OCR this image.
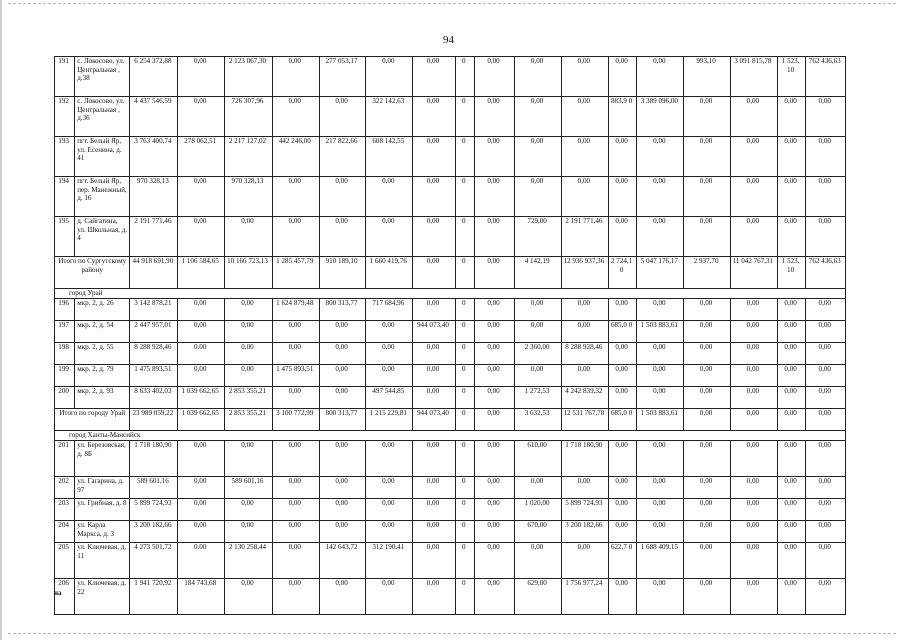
94
191	с. Локосово, ул. Центральная , д.38	6 254 372,88	0,00	2 123 067,30	0,00	277 053,17	0,00	0,00	0	0,00	0,00	0,00	0,00	0,00	993,10	3 091 815,78	1 523, 10	762 436,63
192	с. Локосово, ул. Центральная , д.36	4 437 546,59	0,00	726 307,96	0,00	0,00	322 142,63	0,00	0	0,00	0,00	0,00	883,9 0	3 389 096,00	0,00	0,00	0,00	0,00
193	пгт. Белый Яр, ул. Есенина, д. 41	3 763 400,74	278 062,51	2 217 127,02	442 246,00	217 822,66	608 142,55	0,00	0	0,00	0,00	0,00	0,00	0,00	0,00	0,00	0,00	0,00
194	пгт. Белый Яр, пер. Манежный, д. 16	970 328,13	0,00	970 328,13	0,00	0,00	0,00	0,00	0	0,00	0,00	0,00	0,00	0,00	0,00	0,00	0,00	0,00
195	д. Сайгатина, ул. Школьная, д. 4	2 191 771,46	0,00	0,00	0,00	0,00	0,00	0,00	0	0,00	729,00	2 191 771,46	0,00	0,00	0,00	0,00	0,00	0,00
Итого по Сургутскому району		44 918 691,90	1 106 584,65	10 166 723,13	1 285 457,79	910 189,10	1 660 419,76	0,00	0	0,00	4 142,19	12 936 937,36	2 724,1 0	5 047 176,17	2 937,70	11 042 767,31	1 523, 10	762 436,63
город Урай																		
196	мкр. 2, д. 26	3 142 878,21	0,00	0,00	1 624 879,48	800 313,77	717 684,96	0,00	0	0,00	0,00	0,00	0,00	0,00	0,00	0,00	0,00	0,00
197	мкр. 2, д. 54	2 447 957,01	0,00	0,00	0,00	0,00	0,00	944 073,40	0	0,00	0,00	0,00	685,0 0	1 503 883,61	0,00	0,00	0,00	0,00
198	мкр. 2, д. 55	8 288 928,46	0,00	0,00	0,00	0,00	0,00	0,00	0	0,00	2 360,00	8 288 928,46	0,00	0,00	0,00	0,00	0,00	0,00
199	мкр. 2, д. 79	1 475 893,51	0,00	0,00	1 475 893,51	0,00	0,00	0,00	0	0,00	0,00	0,00	0,00	0,00	0,00	0,00	0,00	0,00
200	мкр. 2, д. 93	8 633 402,03	1 039 662,65	2 853 355,21	0,00	0,00	497 544,85	0,00	0	0,00	1 272,53	4 242 839,32	0,00	0,00	0,00	0,00	0,00	0,00
Итого по городу Урай		23 989 059,22	1 039 662,65	2 853 355,21	3 100 772,99	800 313,77	1 215 229,81	944 073,40	0	0,00	3 632,53	12 531 767,78	685,0 0	1 503 883,61	0,00	0,00	0,00	0,00
город Ханты-Мансийск																		
201	ул. Березовская, д. 8Б	1 718 180,90	0,00	0,00	0,00	0,00	0,00	0,00	0	0,00	610,00	1 718 180,90	0,00	0,00	0,00	0,00	0,00	0,00
202	ул. Гагарина, д. 97	589 601,16	0,00	589 601,16	0,00	0,00	0,00	0,00	0	0,00	0,00	0,00	0,00	0,00	0,00	0,00	0,00	0,00
203	ул. Грибная, д. 8	5 899 724,93	0,00	0,00	0,00	0,00	0,00	0,00	0	0,00	1 020,00	5 899 724,93	0,00	0,00	0,00	0,00	0,00	0,00
204	ул. Карла Маркса, д. 3	3 200 182,66	0,00	0,00	0,00	0,00	0,00	0,00	0	0,00	670,00	3 200 182,66	0,00	0,00	0,00	0,00	0,00	0,00
205	ул. Ключевая, д. 11	4 273 501,72	0,00	2 130 258,44	0,00	142 643,72	312 190,41	0,00	0	0,00	0,00	0,00	622,7 0	1 688 409,15	0,00	0,00	0,00	0,00
206	ул. Ключевая, д. 22	1 941 720,92	184 743,68	0,00	0,00	0,00	0,00	0,00	0	0,00	629,00	1 756 977,24	0,00	0,00	0,00	0,00	0,00	0,00
на
